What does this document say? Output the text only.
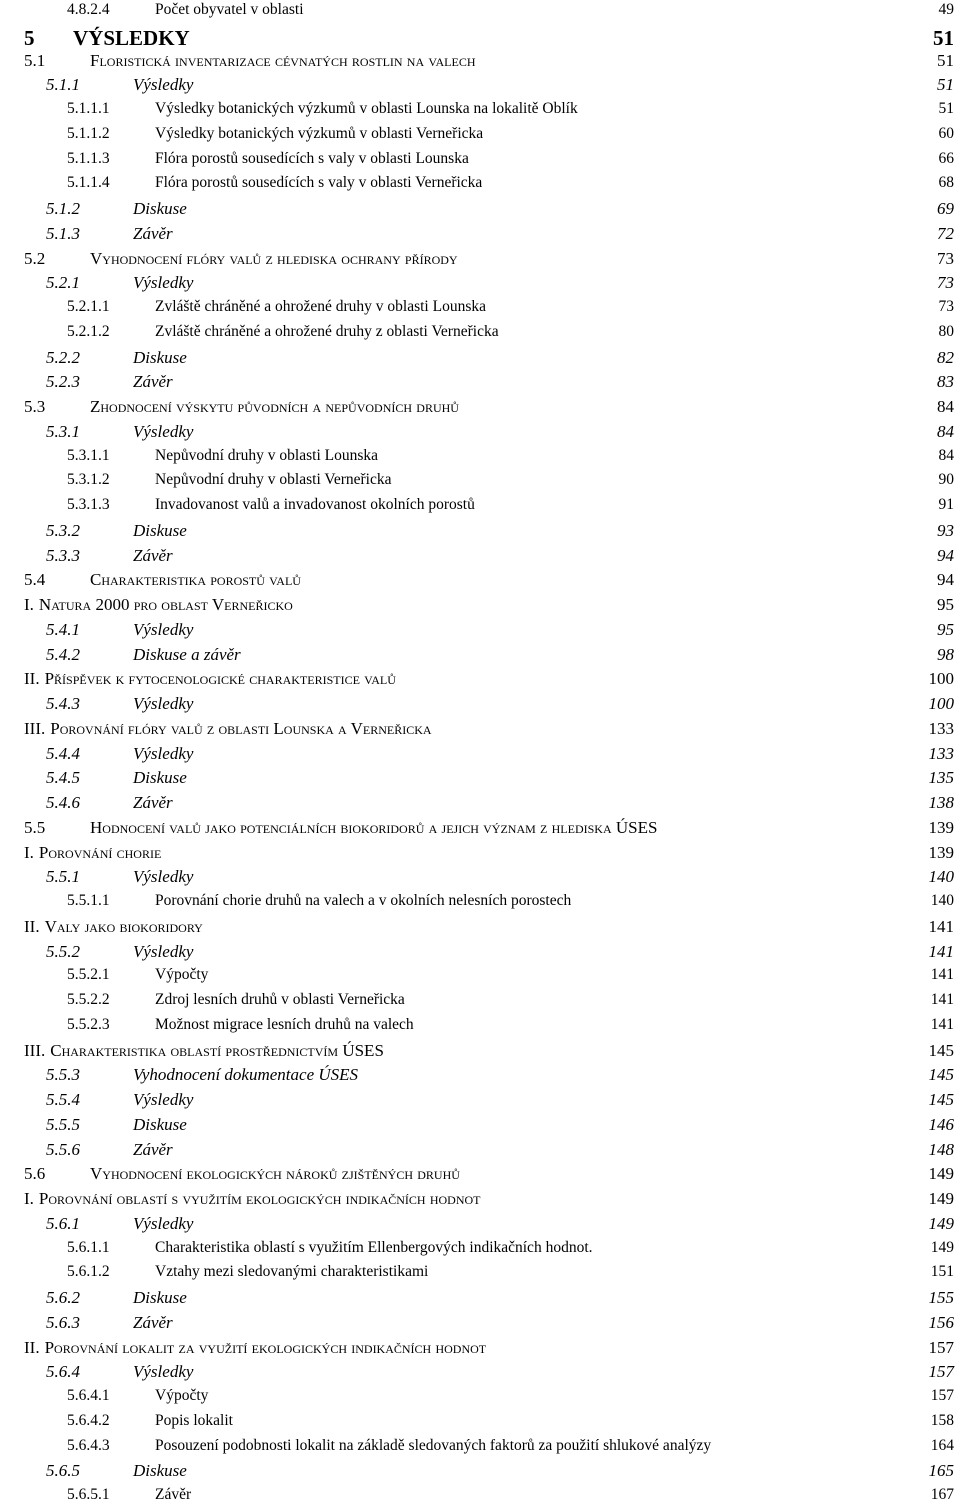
4.8.2.4	Počet obyvatel v oblasti	49
5	VÝSLEDKY	51
5.1	Floristická inventarizace cévnatých rostlin na valech	51
5.1.1	Výsledky	51
5.1.1.1	Výsledky botanických výzkumů v oblasti Lounska na lokalitě Oblík	51
5.1.1.2	Výsledky botanických výzkumů v oblasti Verneřicka	60
5.1.1.3	Flóra porostů sousedících s valy v oblasti Lounska	66
5.1.1.4	Flóra porostů sousedících s valy v oblasti Verneřicka	68
5.1.2	Diskuse	69
5.1.3	Závěr	72
5.2	Vyhodnocení flóry valů z hlediska ochrany přírody	73
5.2.1	Výsledky	73
5.2.1.1	Zvláště chráněné a ohrožené druhy v oblasti Lounska	73
5.2.1.2	Zvláště chráněné a ohrožené druhy z oblasti Verneřicka	80
5.2.2	Diskuse	82
5.2.3	Závěr	83
5.3	Zhodnocení výskytu původních a nepůvodních druhů	84
5.3.1	Výsledky	84
5.3.1.1	Nepůvodní druhy v oblasti Lounska	84
5.3.1.2	Nepůvodní druhy v oblasti Verneřicka	90
5.3.1.3	Invadovanost valů a invadovanost okolních porostů	91
5.3.2	Diskuse	93
5.3.3	Závěr	94
5.4	Charakteristika porostů valů	94
I. Natura 2000 pro oblast Verneřicko	95
5.4.1	Výsledky	95
5.4.2	Diskuse a závěr	98
II. Příspěvek k fytocenologické charakteristice valů	100
5.4.3	Výsledky	100
III. Porovnání flóry valů z oblasti Lounska a Verneřicka	133
5.4.4	Výsledky	133
5.4.5	Diskuse	135
5.4.6	Závěr	138
5.5	Hodnocení valů jako potenciálních biokoridorů a jejich význam z hlediska ÚSES	139
I. Porovnání chorie	139
5.5.1	Výsledky	140
5.5.1.1	Porovnání chorie druhů na valech a v okolních nelesních porostech	140
II. Valy jako biokoridory	141
5.5.2	Výsledky	141
5.5.2.1	Výpočty	141
5.5.2.2	Zdroj lesních druhů v oblasti Verneřicka	141
5.5.2.3	Možnost migrace lesních druhů na valech	141
III. Charakteristika oblastí prostřednictvím ÚSES	145
5.5.3	Vyhodnocení dokumentace ÚSES	145
5.5.4	Výsledky	145
5.5.5	Diskuse	146
5.5.6	Závěr	148
5.6	Vyhodnocení ekologických nároků zjištěných druhů	149
I. Porovnání oblastí s využitím ekologických indikačních hodnot	149
5.6.1	Výsledky	149
5.6.1.1	Charakteristika oblastí s využitím Ellenbergových indikačních hodnot.	149
5.6.1.2	Vztahy mezi sledovanými charakteristikami	151
5.6.2	Diskuse	155
5.6.3	Závěr	156
II. Porovnání lokalit za využití ekologických indikačních hodnot	157
5.6.4	Výsledky	157
5.6.4.1	Výpočty	157
5.6.4.2	Popis lokalit	158
5.6.4.3	Posouzení podobnosti lokalit na základě sledovaných faktorů za použití shlukové analýzy	164
5.6.5	Diskuse	165
5.6.5.1	Závěr	167
